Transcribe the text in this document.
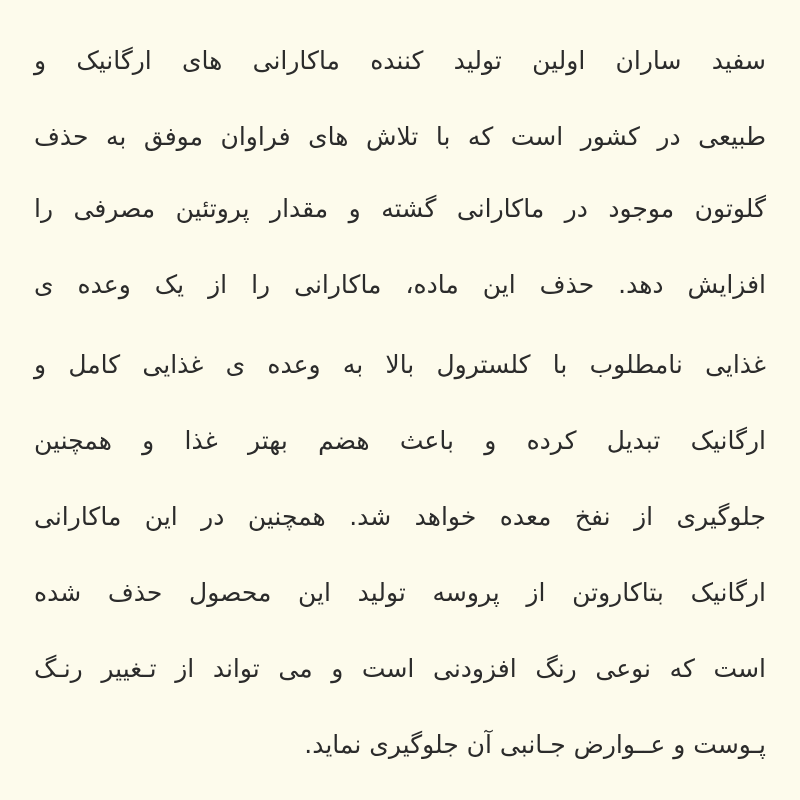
ﺳﻔﯿﺪ ﺳﺎﺭﺍﻥ ﺍﻭﻟﯿﻦ ﺗﻮﻟﯿﺪ ﮐﻨﻨﺪﻩ ﻣﺎﮐﺎﺭﺍﻧﯽ ﻫﺎﯼ ﺍﺭﮔﺎﻧﯿﮏ ﻭ
ﻃﺒﯿﻌﯽ ﺩﺭ ﮐﺸﻮﺭ ﺍﺳﺖ ﮐﻪ ﺑﺎ ﺗﻼﺵ ﻫﺎﯼ ﻓﺮﺍﻭﺍﻥ ﻣﻮﻓﻖ ﺑﻪ ﺣﺬﻑ
ﮔﻠﻮﺗﻮﻥ ﻣﻮﺟﻮﺩ ﺩﺭ ﻣﺎﮐﺎﺭﺍﻧﯽ ﮔﺸﺘﻪ ﻭ ﻣﻘﺪﺍﺭ ﭘﺮﻭﺗﺌﯿﻦ ﻣﺼﺮﻓﯽ ﺭﺍ
ﺍﻓﺰﺍﯾﺶ ﺩﻫﺪ. ﺣﺬﻑ ﺍﯾﻦ ﻣﺎﺩﻩ، ﻣﺎﮐﺎﺭﺍﻧﯽ ﺭﺍ ﺍﺯ ﯾﮏ ﻭﻋﺪﻩ ﯼ
ﻏﺬﺍﯾﯽ ﻧﺎﻣﻄﻠﻮﺏ ﺑﺎ ﮐﻠﺴﺘﺮﻭﻝ ﺑﺎﻻ ﺑﻪ ﻭﻋﺪﻩ ﯼ ﻏﺬﺍﯾﯽ ﮐﺎﻣﻞ ﻭ
ﺍﺭﮔﺎﻧﯿﮏ ﺗﺒﺪﯾﻞ ﮐﺮﺩﻩ ﻭ ﺑﺎﻋﺚ ﻫﻀﻢ ﺑﻬﺘﺮ ﻏﺬﺍ ﻭ ﻫﻤﭽﻨﯿﻦ
ﺟﻠﻮﮔﯿﺮﯼ ﺍﺯ ﻧﻔﺦ ﻣﻌﺪﻩ ﺧﻮﺍﻫﺪ ﺷﺪ. ﻫﻤﭽﻨﯿﻦ ﺩﺭ ﺍﯾﻦ ﻣﺎﮐﺎﺭﺍﻧﯽ
ﺍﺭﮔﺎﻧﯿﮏ ﺑﺘﺎﮐﺎﺭﻭﺗﻦ ﺍﺯ ﭘﺮﻭﺳﻪ ﺗﻮﻟﯿﺪ ﺍﯾﻦ ﻣﺤﺼﻮﻝ ﺣﺬﻑ ﺷﺪﻩ
ﺍﺳﺖ ﮐﻪ ﻧﻮﻋﯽ ﺭﻧﮓ ﺍﻓﺰﻭﺩﻧﯽ ﺍﺳﺖ ﻭ ﻣﯽ ﺗﻮﺍﻧﺪ ﺍﺯ ﺗـﻐﯿﯿﺮ ﺭﻧـﮓ
ﭘـﻮﺳﺖ ﻭ ﻋــﻮﺍﺭﺽ ﺟـﺎﻧﺒﯽ ﺁﻥ ﺟﻠﻮﮔﯿﺮﯼ ﻧﻤﺎﯾﺪ.
